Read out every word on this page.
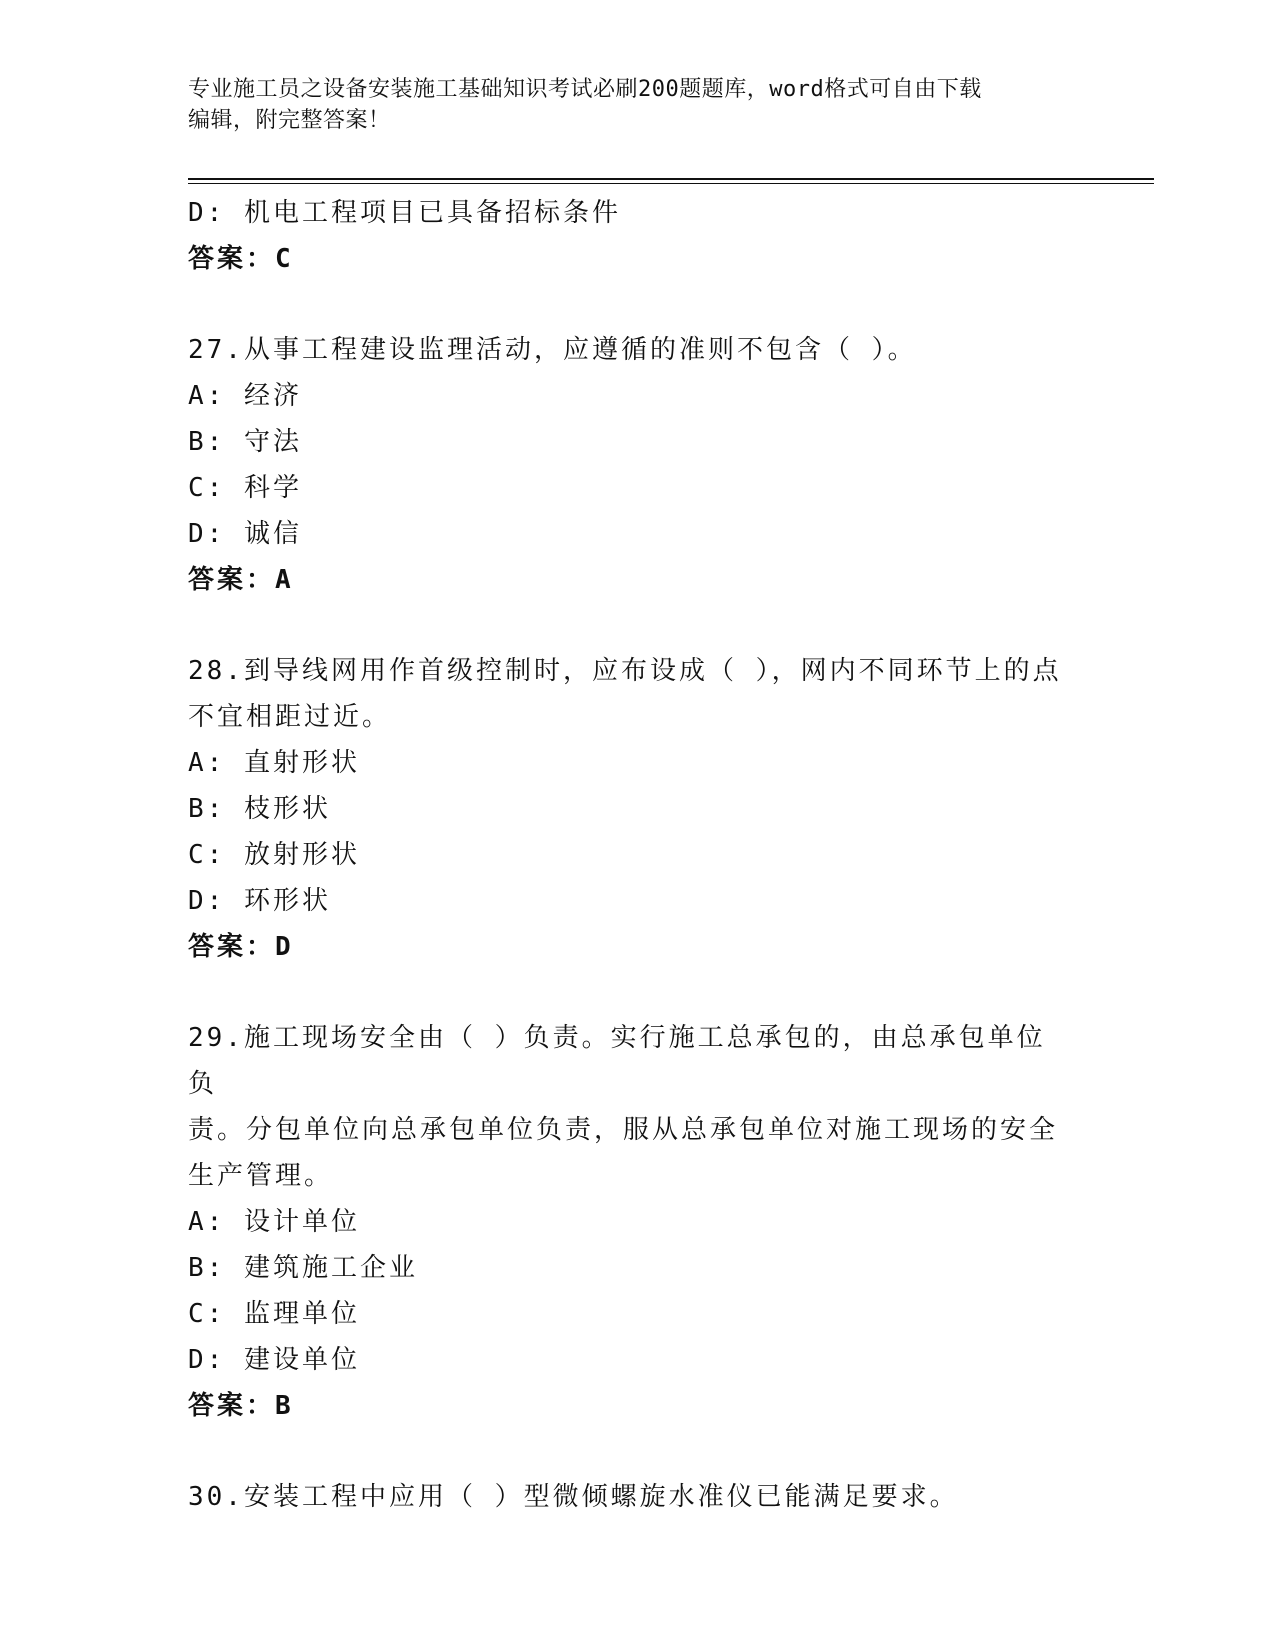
专业施工员之设备安装施工基础知识考试必刷200题题库，word格式可自由下载
编辑，附完整答案！
D: 机电工程项目已具备招标条件
答案：C
27.从事工程建设监理活动，应遵循的准则不包含（ ）。
A: 经济
B: 守法
C: 科学
D: 诚信
答案：A
28.到导线网用作首级控制时，应布设成（ ），网内不同环节上的点
不宜相距过近。
A: 直射形状
B: 枝形状
C: 放射形状
D: 环形状
答案：D
29.施工现场安全由（ ）负责。实行施工总承包的，由总承包单位负
责。分包单位向总承包单位负责，服从总承包单位对施工现场的安全
生产管理。
A: 设计单位
B: 建筑施工企业
C: 监理单位
D: 建设单位
答案：B
30.安装工程中应用（ ）型微倾螺旋水准仪已能满足要求。
